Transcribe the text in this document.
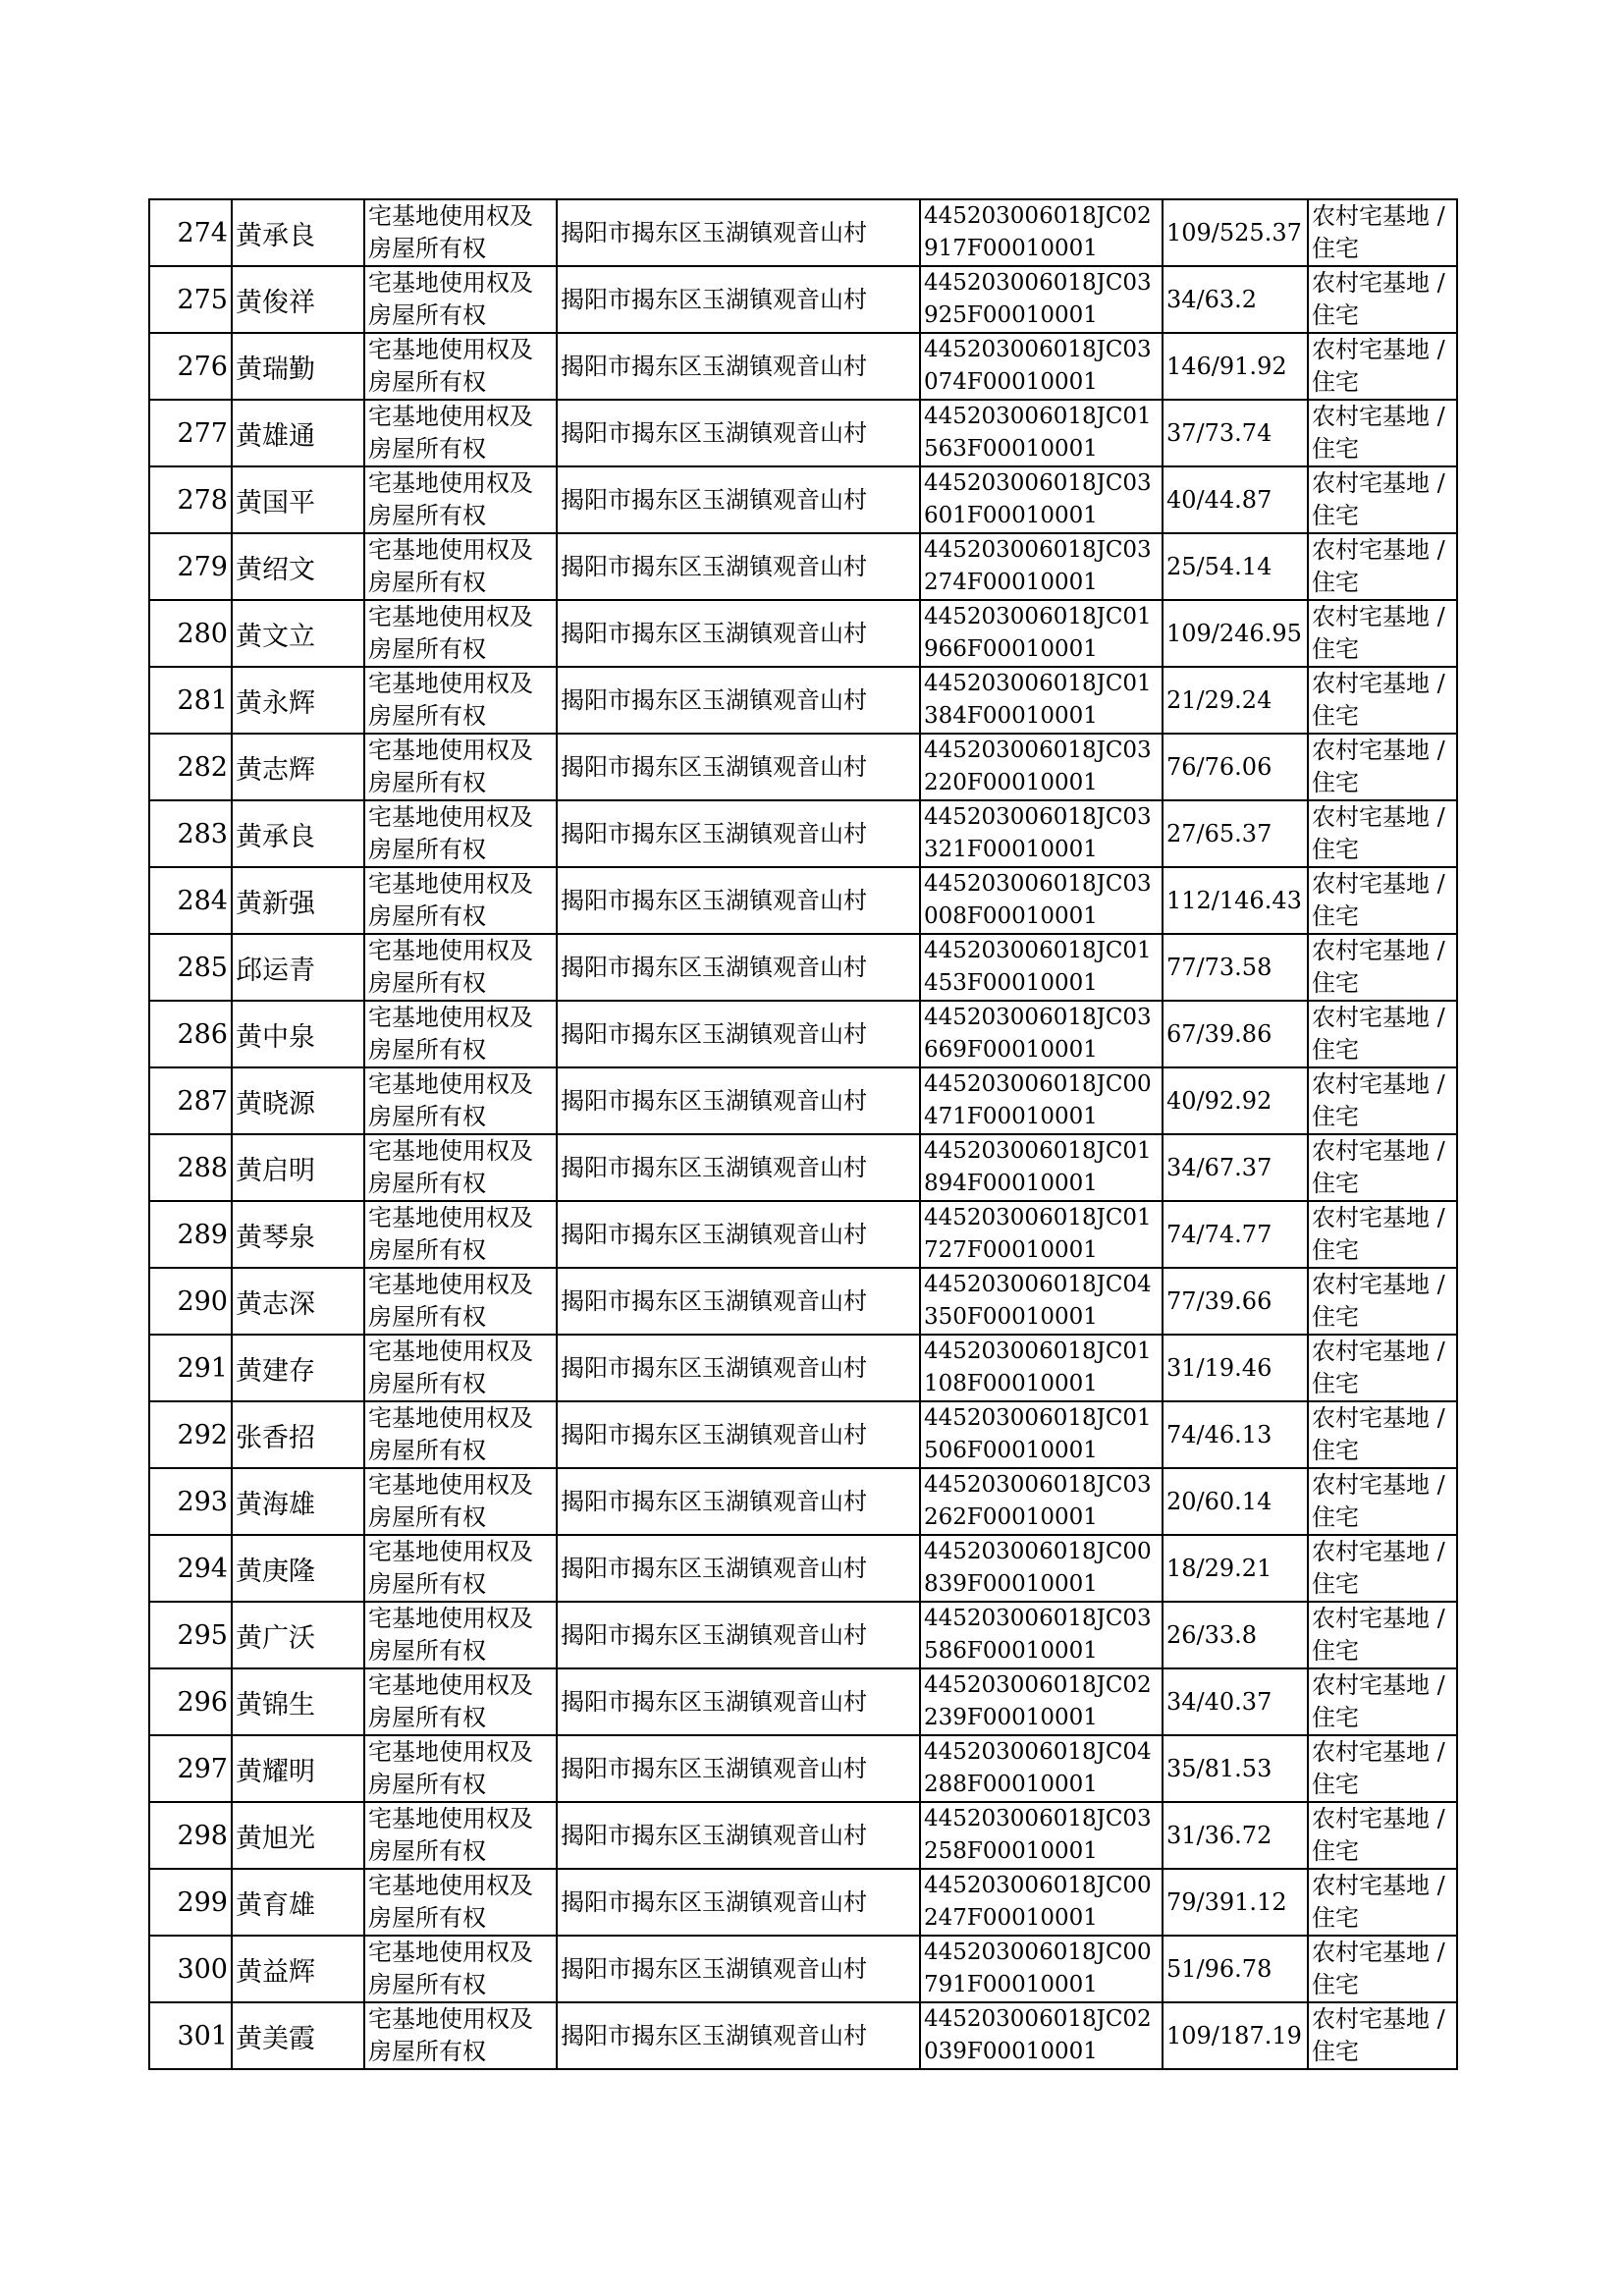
274	黄承良	宅基地使用权及房屋所有权	揭阳市揭东区玉湖镇观音山村	445203006018JC02917F00010001	109/525.37	农村宅基地 / 住宅

275	黄俊祥	宅基地使用权及房屋所有权	揭阳市揭东区玉湖镇观音山村	445203006018JC03925F00010001	34/63.2	农村宅基地 / 住宅

276	黄瑞勤	宅基地使用权及房屋所有权	揭阳市揭东区玉湖镇观音山村	445203006018JC03074F00010001	146/91.92	农村宅基地 / 住宅

277	黄雄通	宅基地使用权及房屋所有权	揭阳市揭东区玉湖镇观音山村	445203006018JC01563F00010001	37/73.74	农村宅基地 / 住宅

278	黄国平	宅基地使用权及房屋所有权	揭阳市揭东区玉湖镇观音山村	445203006018JC03601F00010001	40/44.87	农村宅基地 / 住宅

279	黄绍文	宅基地使用权及房屋所有权	揭阳市揭东区玉湖镇观音山村	445203006018JC03274F00010001	25/54.14	农村宅基地 / 住宅

280	黄文立	宅基地使用权及房屋所有权	揭阳市揭东区玉湖镇观音山村	445203006018JC01966F00010001	109/246.95	农村宅基地 / 住宅

281	黄永辉	宅基地使用权及房屋所有权	揭阳市揭东区玉湖镇观音山村	445203006018JC01384F00010001	21/29.24	农村宅基地 / 住宅

282	黄志辉	宅基地使用权及房屋所有权	揭阳市揭东区玉湖镇观音山村	445203006018JC03220F00010001	76/76.06	农村宅基地 / 住宅

283	黄承良	宅基地使用权及房屋所有权	揭阳市揭东区玉湖镇观音山村	445203006018JC03321F00010001	27/65.37	农村宅基地 / 住宅

284	黄新强	宅基地使用权及房屋所有权	揭阳市揭东区玉湖镇观音山村	445203006018JC03008F00010001	112/146.43	农村宅基地 / 住宅

285	邱运青	宅基地使用权及房屋所有权	揭阳市揭东区玉湖镇观音山村	445203006018JC01453F00010001	77/73.58	农村宅基地 / 住宅

286	黄中泉	宅基地使用权及房屋所有权	揭阳市揭东区玉湖镇观音山村	445203006018JC03669F00010001	67/39.86	农村宅基地 / 住宅

287	黄晓源	宅基地使用权及房屋所有权	揭阳市揭东区玉湖镇观音山村	445203006018JC00471F00010001	40/92.92	农村宅基地 / 住宅

288	黄启明	宅基地使用权及房屋所有权	揭阳市揭东区玉湖镇观音山村	445203006018JC01894F00010001	34/67.37	农村宅基地 / 住宅

289	黄琴泉	宅基地使用权及房屋所有权	揭阳市揭东区玉湖镇观音山村	445203006018JC01727F00010001	74/74.77	农村宅基地 / 住宅

290	黄志深	宅基地使用权及房屋所有权	揭阳市揭东区玉湖镇观音山村	445203006018JC04350F00010001	77/39.66	农村宅基地 / 住宅

291	黄建存	宅基地使用权及房屋所有权	揭阳市揭东区玉湖镇观音山村	445203006018JC01108F00010001	31/19.46	农村宅基地 / 住宅

292	张香招	宅基地使用权及房屋所有权	揭阳市揭东区玉湖镇观音山村	445203006018JC01506F00010001	74/46.13	农村宅基地 / 住宅

293	黄海雄	宅基地使用权及房屋所有权	揭阳市揭东区玉湖镇观音山村	445203006018JC03262F00010001	20/60.14	农村宅基地 / 住宅

294	黄庚隆	宅基地使用权及房屋所有权	揭阳市揭东区玉湖镇观音山村	445203006018JC00839F00010001	18/29.21	农村宅基地 / 住宅

295	黄广沃	宅基地使用权及房屋所有权	揭阳市揭东区玉湖镇观音山村	445203006018JC03586F00010001	26/33.8	农村宅基地 / 住宅

296	黄锦生	宅基地使用权及房屋所有权	揭阳市揭东区玉湖镇观音山村	445203006018JC02239F00010001	34/40.37	农村宅基地 / 住宅

297	黄耀明	宅基地使用权及房屋所有权	揭阳市揭东区玉湖镇观音山村	445203006018JC04288F00010001	35/81.53	农村宅基地 / 住宅

298	黄旭光	宅基地使用权及房屋所有权	揭阳市揭东区玉湖镇观音山村	445203006018JC03258F00010001	31/36.72	农村宅基地 / 住宅

299	黄育雄	宅基地使用权及房屋所有权	揭阳市揭东区玉湖镇观音山村	445203006018JC00247F00010001	79/391.12	农村宅基地 / 住宅

300	黄益辉	宅基地使用权及房屋所有权	揭阳市揭东区玉湖镇观音山村	445203006018JC00791F00010001	51/96.78	农村宅基地 / 住宅

301	黄美霞	宅基地使用权及房屋所有权	揭阳市揭东区玉湖镇观音山村	445203006018JC02039F00010001	109/187.19	农村宅基地 / 住宅
